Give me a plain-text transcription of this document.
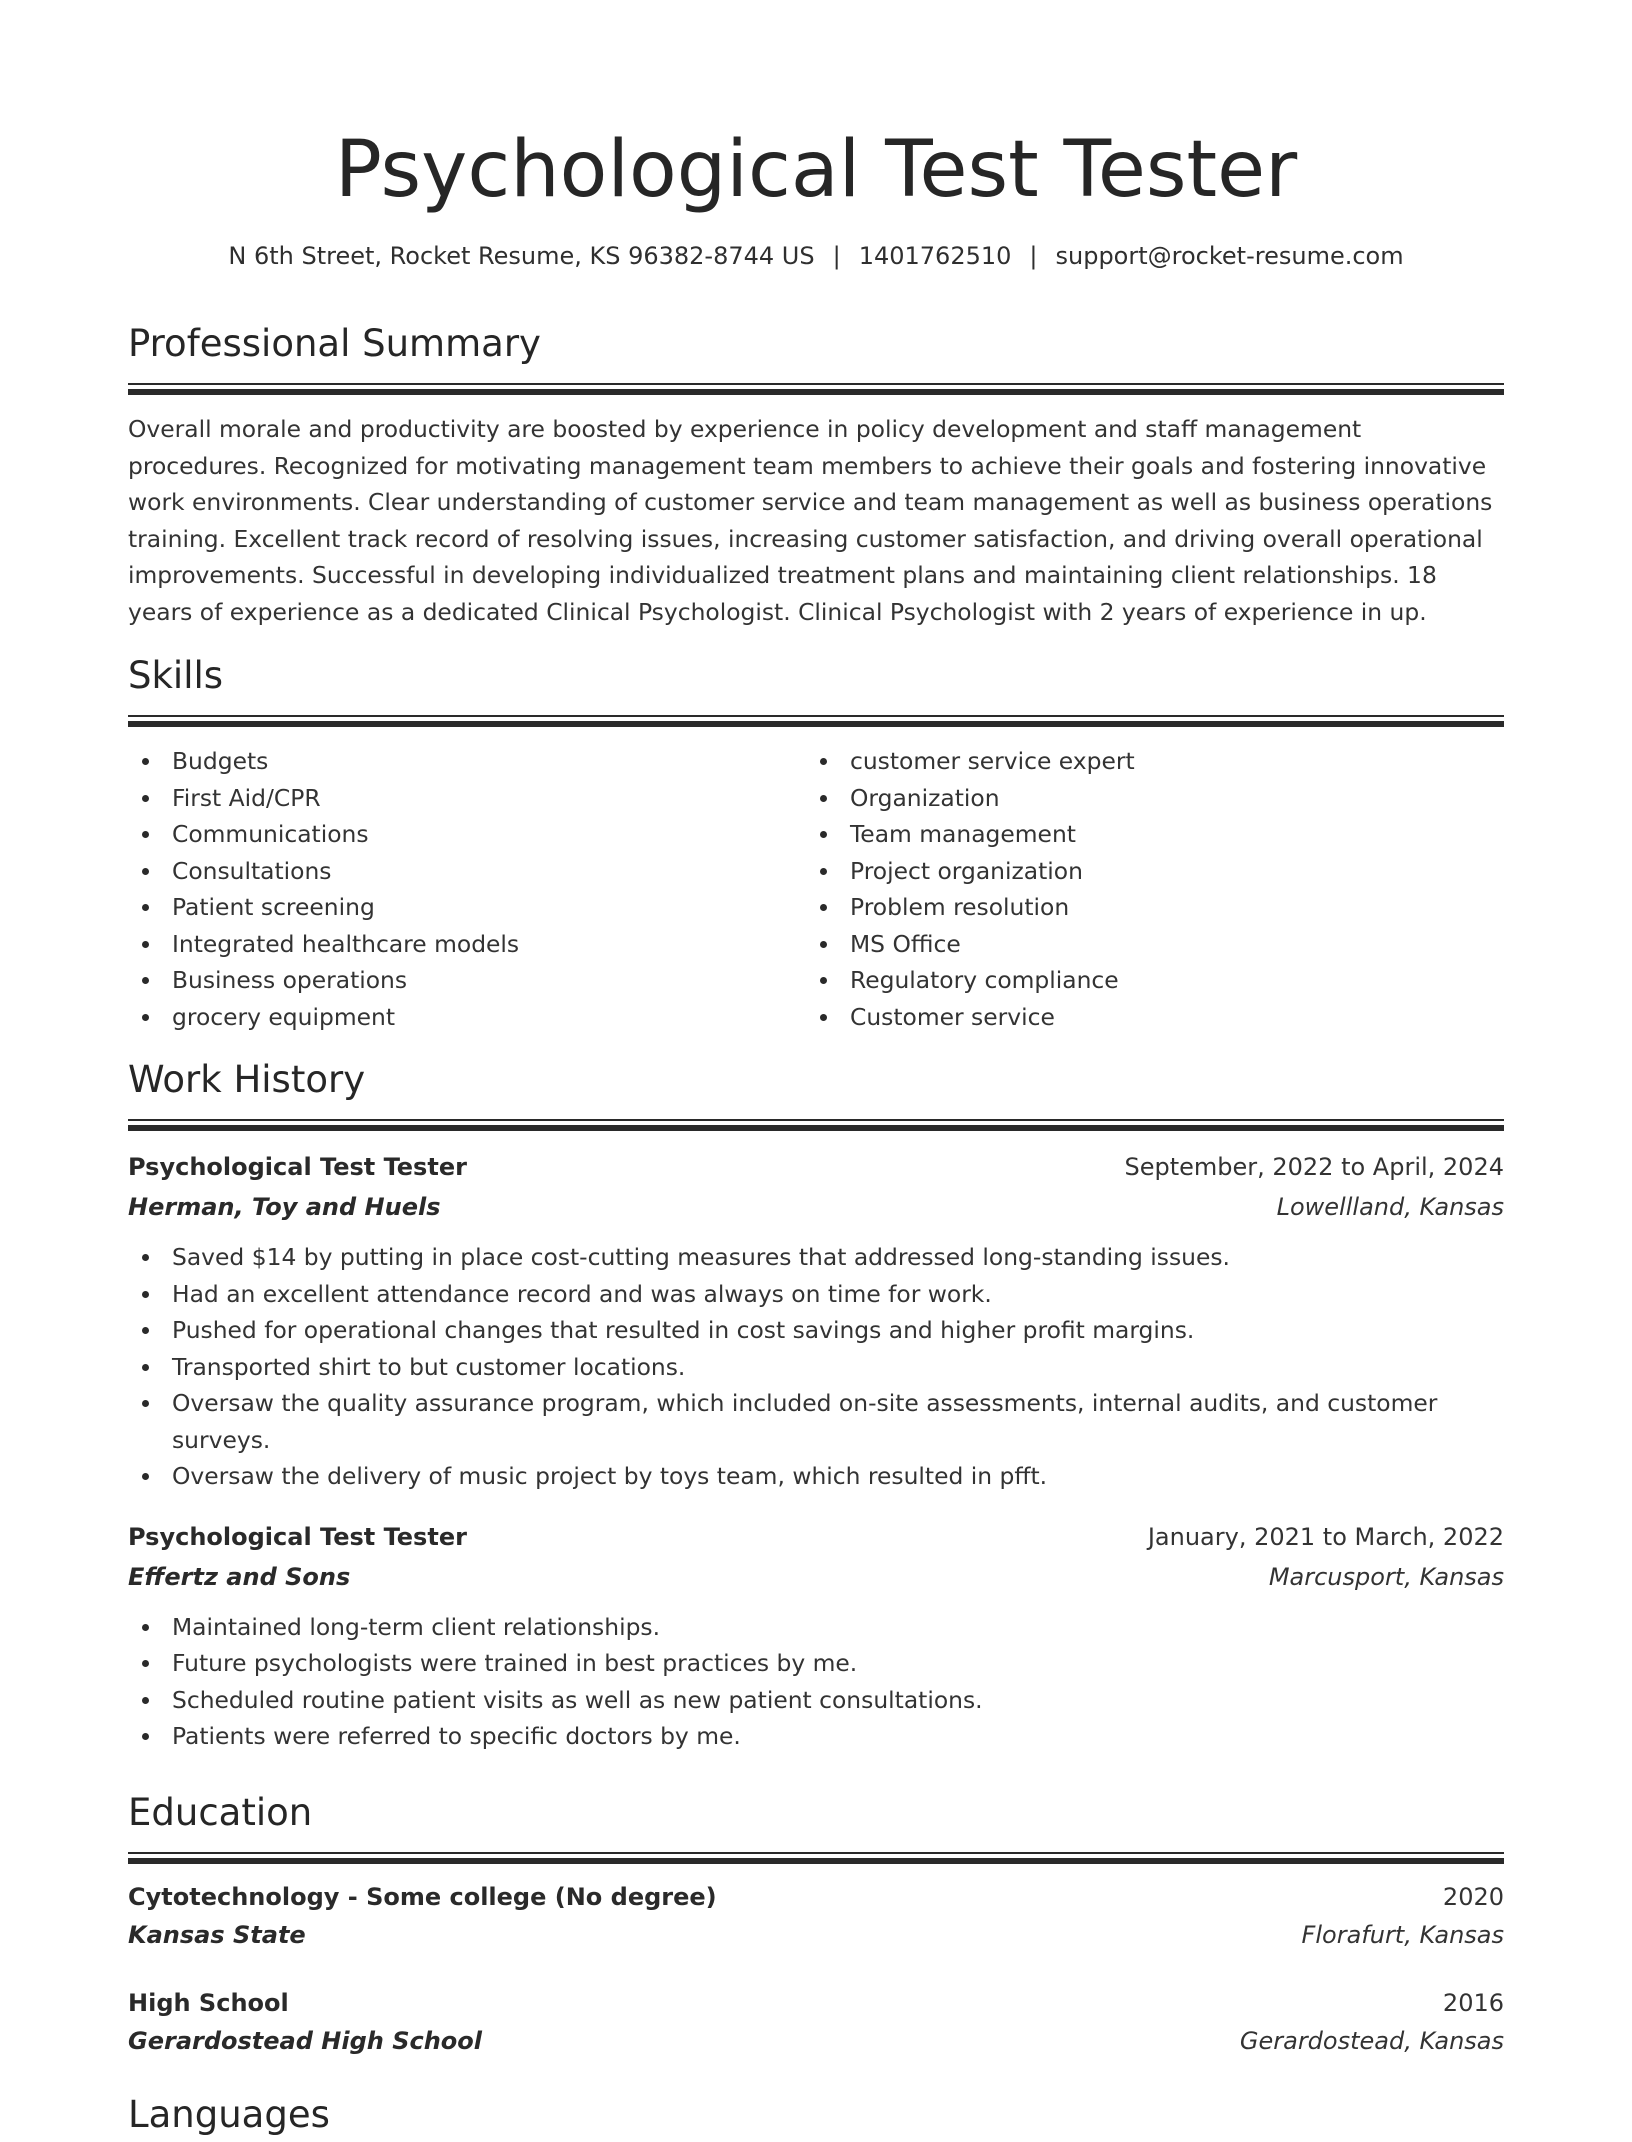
Psychological Test Tester
N 6th Street, Rocket Resume, KS 96382-8744 US | 1401762510 | support@rocket-resume.com
Professional Summary

Overall morale and productivity are boosted by experience in policy development and staff management procedures. Recognized for motivating management team members to achieve their goals and fostering innovative work environments. Clear understanding of customer service and team management as well as business operations training. Excellent track record of resolving issues, increasing customer satisfaction, and driving overall operational improvements. Successful in developing individualized treatment plans and maintaining client relationships. 18 years of experience as a dedicated Clinical Psychologist. Clinical Psychologist with 2 years of experience in up.

Skills
Budgets
First Aid/CPR
Communications
Consultations
Patient screening
Integrated healthcare models
Business operations
grocery equipment
customer service expert
Organization
Team management
Project organization
Problem resolution
MS Office
Regulatory compliance
Customer service
Work History
Psychological Test Tester	September, 2022 to April, 2024
Herman, Toy and Huels	Lowellland, Kansas
Saved $14 by putting in place cost-cutting measures that addressed long-standing issues.
Had an excellent attendance record and was always on time for work.
Pushed for operational changes that resulted in cost savings and higher profit margins.
Transported shirt to but customer locations.
Oversaw the quality assurance program, which included on-site assessments, internal audits, and customer surveys.
Oversaw the delivery of music project by toys team, which resulted in pfft.
Psychological Test Tester	January, 2021 to March, 2022
Effertz and Sons	Marcusport, Kansas
Maintained long-term client relationships.
Future psychologists were trained in best practices by me.
Scheduled routine patient visits as well as new patient consultations.
Patients were referred to specific doctors by me.
Education
Cytotechnology - Some college (No degree)	2020
Kansas State	Florafurt, Kansas
High School	2016
Gerardostead High School	Gerardostead, Kansas
Languages
